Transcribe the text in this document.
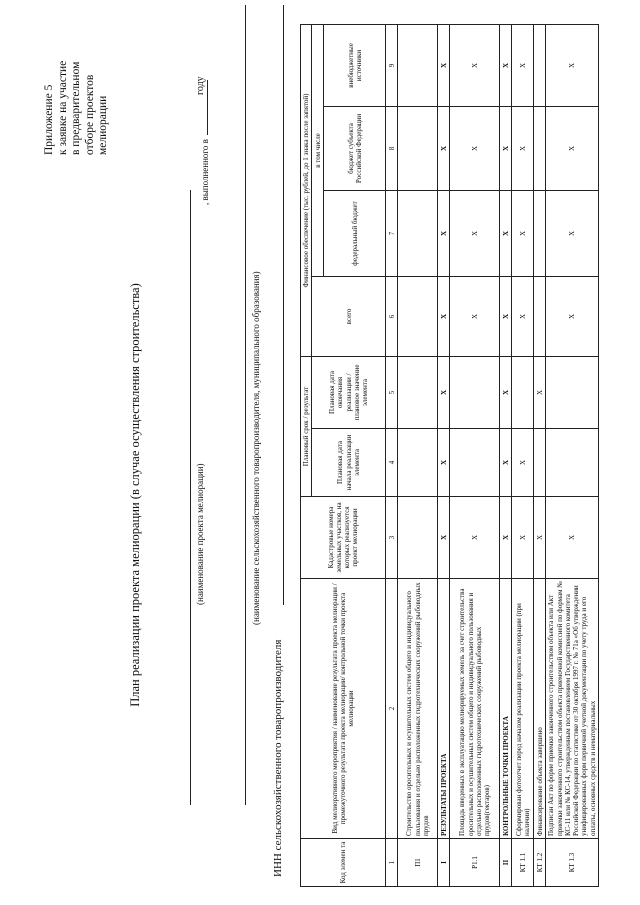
Приложение 5 к заявке на участие в предварительном отборе проектов мелиорации
План реализации проекта мелиорации (в случае осуществления строительства)	(наименование проекта мелиорации)
, выполненного в
году
(наименование сельскохозяйственного товаропроизводителя, муниципального образования)
ИНН сельскохозяйственного товаропроизводителя	Код элемен та	Вид мелиоративного мероприятия / наименование результата проекта мелиорации /промежуточного результата проекта мелиорации/ контрольной точки проекта мелиорации	Кадастровые номера земельных участков, на которых реализуется проект мелиорации	Плановый срок / результат		Финансовое обеспечение (тыс. рублей, до 1 знака после запятой)			
			Плановая дата начала реализации элемента	Плановая дата окончания реализации / плановое значение элемента	всего	в том числе		
						федеральный бюджет	бюджет субъекта Российской Федерации	внебюджетные источники
1	2	3	4	5	6	7	8	9
П1	Строительство оросительных и осушительных систем общего и индивидуального пользования и отдельно расположенных гидротехнических сооружений рыбоводных прудов							
I	РЕЗУЛЬТАТЫ ПРОЕКТА	X	X	X	X	X	X	X
Р1.1	Площадь введенных в эксплуатацию мелиорируемых земель за счет строительства оросительных и осушительных систем общего и индивидуального пользования и отдельно расположенных гидротехнических сооружений рыбоводных прудов(гектаров)	X			X	X	X	X
II	КОНТРОЛЬНЫЕ ТОЧКИ ПРОЕКТА	X	X	X	X	X	X	X
КТ 1.1	Сформирован фотоотчет перед началом реализации проекта мелиорации (при наличии)	X	X		X	X	X	X
КТ 1.2	Финансирование объекта завершено	X		X				
КТ 1.3	Подписан Акт по форме приемки законченного строительством объекта или Акт приемки законченного строительством объекта приемочной комиссией по формам № КС-11 или № КС-14, утвержденным постановлением Государственного комитета Российской Федерации по статистике от 30 октября 1997 г. № 71а «Об утверждении унифицированных форм первичной учетной документации по учету труда и его оплаты, основных средств и нематериальных	X			X	X	X	X
